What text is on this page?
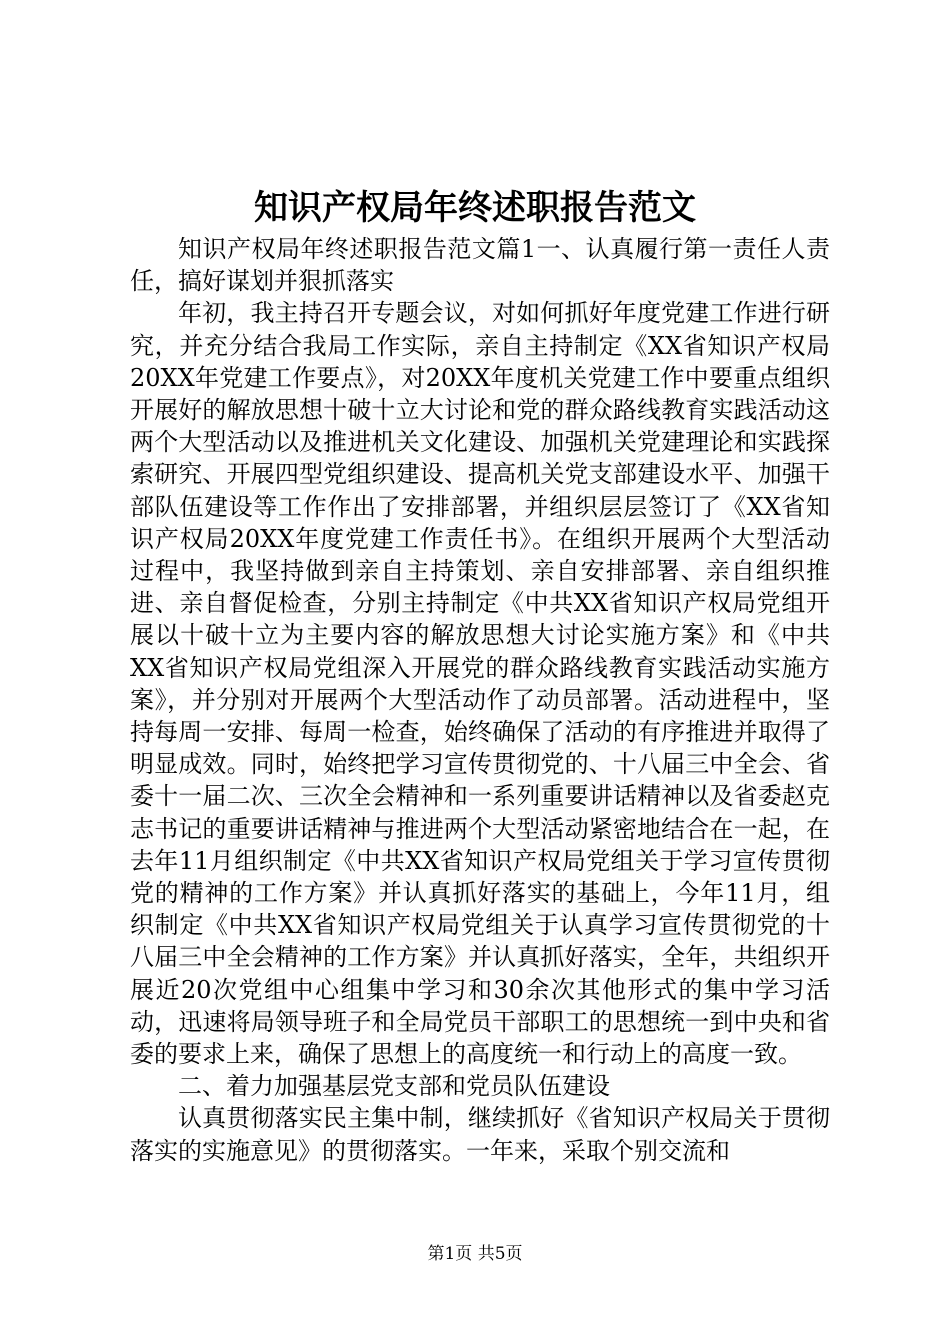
知识产权局年终述职报告范文

知识产权局年终述职报告范文篇1一、认真履行第一责任人责任，搞好谋划并狠抓落实

年初，我主持召开专题会议，对如何抓好年度党建工作进行研究，并充分结合我局工作实际，亲自主持制定《XX省知识产权局20XX年党建工作要点》，对20XX年度机关党建工作中要重点组织开展好的解放思想十破十立大讨论和党的群众路线教育实践活动这两个大型活动以及推进机关文化建设、加强机关党建理论和实践探索研究、开展四型党组织建设、提高机关党支部建设水平、加强干部队伍建设等工作作出了安排部署，并组织层层签订了《XX省知识产权局20XX年度党建工作责任书》。在组织开展两个大型活动过程中，我坚持做到亲自主持策划、亲自安排部署、亲自组织推进、亲自督促检查，分别主持制定《中共XX省知识产权局党组开展以十破十立为主要内容的解放思想大讨论实施方案》和《中共XX省知识产权局党组深入开展党的群众路线教育实践活动实施方案》，并分别对开展两个大型活动作了动员部署。活动进程中，坚持每周一安排、每周一检查，始终确保了活动的有序推进并取得了明显成效。同时，始终把学习宣传贯彻党的、十八届三中全会、省委十一届二次、三次全会精神和一系列重要讲话精神以及省委赵克志书记的重要讲话精神与推进两个大型活动紧密地结合在一起，在去年11月组织制定《中共XX省知识产权局党组关于学习宣传贯彻党的精神的工作方案》并认真抓好落实的基础上，今年11月，组织制定《中共XX省知识产权局党组关于认真学习宣传贯彻党的十八届三中全会精神的工作方案》并认真抓好落实，全年，共组织开展近20次党组中心组集中学习和30余次其他形式的集中学习活动，迅速将局领导班子和全局党员干部职工的思想统一到中央和省委的要求上来，确保了思想上的高度统一和行动上的高度一致。

二、着力加强基层党支部和党员队伍建设

认真贯彻落实民主集中制，继续抓好《省知识产权局关于贯彻落实的实施意见》的贯彻落实。一年来，采取个别交流和

第1页 共5页
